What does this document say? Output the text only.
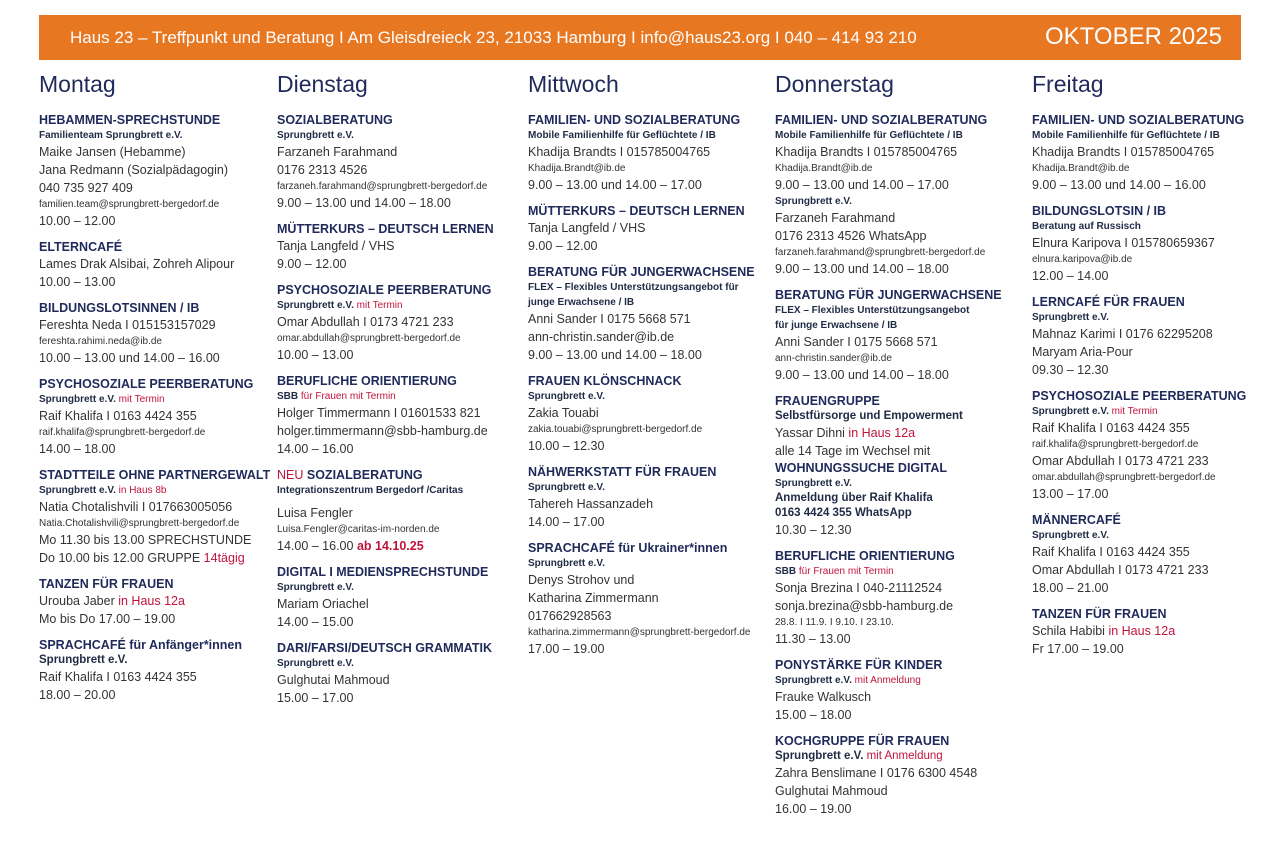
Haus 23 – Treffpunkt und Beratung I Am Gleisdreieck 23, 21033 Hamburg I info@haus23.org I 040 – 414 93 210	OKTOBER 2025
Montag
HEBAMMEN-SPRECHSTUNDE
Familienteam Sprungbrett e.V.
Maike Jansen (Hebamme)
Jana Redmann (Sozialpädagogin)
040 735 927 409
familien.team@sprungbrett-bergedorf.de
10.00 – 12.00
ELTERNCAFÉ
Lames Drak Alsibai, Zohreh Alipour
10.00 – 13.00
BILDUNGSLOTSINNEN / IB
Fereshta Neda I 015153157029
fereshta.rahimi.neda@ib.de
10.00 – 13.00 und 14.00 – 16.00
PSYCHOSOZIALE PEERBERATUNG
Sprungbrett e.V. mit Termin
Raif Khalifa I 0163 4424 355
raif.khalifa@sprungbrett-bergedorf.de
14.00 – 18.00
STADTTEILE OHNE PARTNERGEWALT
Sprungbrett e.V. in Haus 8b
Natia Chotalishvili I 017663005056
Natia.Chotalishvili@sprungbrett-bergedorf.de
Mo 11.30 bis 13.00 SPRECHSTUNDE
Do 10.00 bis 12.00 GRUPPE 14tägig
TANZEN FÜR FRAUEN
Urouba Jaber in Haus 12a
Mo bis Do 17.00 – 19.00
SPRACHCAFÉ für Anfänger*innen
Sprungbrett e.V.
Raif Khalifa I 0163 4424 355
18.00 – 20.00
Dienstag
SOZIALBERATUNG
Sprungbrett e.V.
Farzaneh Farahmand
0176 2313 4526
farzaneh.farahmand@sprungbrett-bergedorf.de
9.00 – 13.00 und 14.00 – 18.00
MÜTTERKURS – DEUTSCH LERNEN
Tanja Langfeld / VHS
9.00 – 12.00
PSYCHOSOZIALE PEERBERATUNG
Sprungbrett e.V. mit Termin
Omar Abdullah I 0173 4721 233
omar.abdullah@sprungbrett-bergedorf.de
10.00 – 13.00
BERUFLICHE ORIENTIERUNG
SBB für Frauen mit Termin
Holger Timmermann I 01601533 821
holger.timmermann@sbb-hamburg.de
14.00 – 16.00
NEU SOZIALBERATUNG
Integrationszentrum Bergedorf /Caritas
Luisa Fengler
Luisa.Fengler@caritas-im-norden.de
14.00 – 16.00 ab 14.10.25
DIGITAL I MEDIENSPRECHSTUNDE
Sprungbrett e.V.
Mariam Oriachel
14.00 – 15.00
DARI/FARSI/DEUTSCH GRAMMATIK
Sprungbrett e.V.
Gulghutai Mahmoud
15.00 – 17.00
Mittwoch
FAMILIEN- UND SOZIALBERATUNG
Mobile Familienhilfe für Geflüchtete / IB
Khadija Brandts I 015785004765
Khadija.Brandt@ib.de
9.00 – 13.00 und 14.00 – 17.00
MÜTTERKURS – DEUTSCH LERNEN
Tanja Langfeld / VHS
9.00 – 12.00
BERATUNG FÜR JUNGERWACHSENE
FLEX – Flexibles Unterstützungsangebot für
junge Erwachsene / IB
Anni Sander I 0175 5668 571
ann-christin.sander@ib.de
9.00 – 13.00 und 14.00 – 18.00
FRAUEN KLÖNSCHNACK
Sprungbrett e.V.
Zakia Touabi
zakia.touabi@sprungbrett-bergedorf.de
10.00 – 12.30
NÄHWERKSTATT FÜR FRAUEN
Sprungbrett e.V.
Tahereh Hassanzadeh
14.00 – 17.00
SPRACHCAFÉ für Ukrainer*innen
Sprungbrett e.V.
Denys Strohov und
Katharina Zimmermann
017662928563
katharina.zimmermann@sprungbrett-bergedorf.de
17.00 – 19.00
Donnerstag
FAMILIEN- UND SOZIALBERATUNG
Mobile Familienhilfe für Geflüchtete / IB
Khadija Brandts I 015785004765
Khadija.Brandt@ib.de
9.00 – 13.00 und 14.00 – 17.00
Sprungbrett e.V.
Farzaneh Farahmand
0176 2313 4526 WhatsApp
farzaneh.farahmand@sprungbrett-bergedorf.de
9.00 – 13.00 und 14.00 – 18.00
BERATUNG FÜR JUNGERWACHSENE
FLEX – Flexibles Unterstützungsangebot
für junge Erwachsene / IB
Anni Sander I 0175 5668 571
ann-christin.sander@ib.de
9.00 – 13.00 und 14.00 – 18.00
FRAUENGRUPPE
Selbstfürsorge und Empowerment
Yassar Dihni in Haus 12a
alle 14 Tage im Wechsel mit
WOHNUNGSSUCHE DIGITAL
Sprungbrett e.V.
Anmeldung über Raif Khalifa
0163 4424 355 WhatsApp
10.30 – 12.30
BERUFLICHE ORIENTIERUNG
SBB für Frauen mit Termin
Sonja Brezina I 040-21112524
sonja.brezina@sbb-hamburg.de
28.8. I 11.9. I 9.10. I 23.10.
11.30 – 13.00
PONYSTÄRKE FÜR KINDER
Sprungbrett e.V. mit Anmeldung
Frauke Walkusch
15.00 – 18.00
KOCHGRUPPE FÜR FRAUEN
Sprungbrett e.V. mit Anmeldung
Zahra Benslimane I 0176 6300 4548
Gulghutai Mahmoud
16.00 – 19.00
Freitag
FAMILIEN- UND SOZIALBERATUNG
Mobile Familienhilfe für Geflüchtete / IB
Khadija Brandts I 015785004765
Khadija.Brandt@ib.de
9.00 – 13.00 und 14.00 – 16.00
BILDUNGSLOTSIN / IB
Beratung auf Russisch
Elnura Karipova I 015780659367
elnura.karipova@ib.de
12.00 – 14.00
LERNCAFÉ FÜR FRAUEN
Sprungbrett e.V.
Mahnaz Karimi I 0176 62295208
Maryam Aria-Pour
09.30 – 12.30
PSYCHOSOZIALE PEERBERATUNG
Sprungbrett e.V. mit Termin
Raif Khalifa I 0163 4424 355
raif.khalifa@sprungbrett-bergedorf.de
Omar Abdullah I 0173 4721 233
omar.abdullah@sprungbrett-bergedorf.de
13.00 – 17.00
MÄNNERCAFÉ
Sprungbrett e.V.
Raif Khalifa I 0163 4424 355
Omar Abdullah I 0173 4721 233
18.00 – 21.00
TANZEN FÜR FRAUEN
Schila Habibi in Haus 12a
Fr 17.00 – 19.00
